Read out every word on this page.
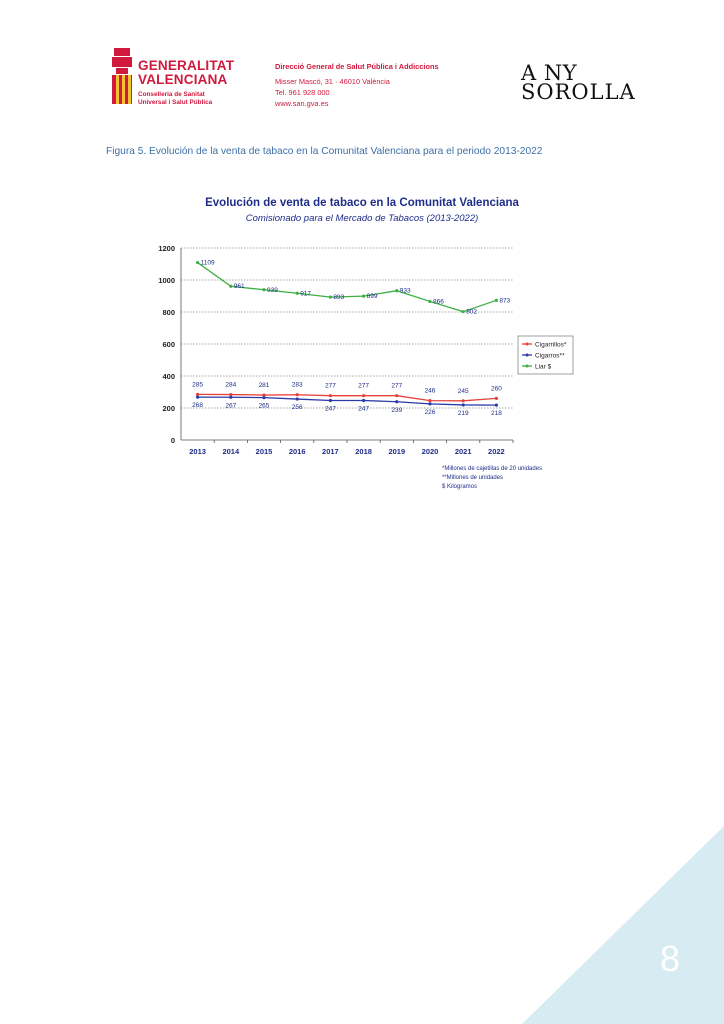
GENERALITAT
VALENCIANA
Conselleria de Sanitat
Universal i Salut Pública
Direcció General de Salut Pública i Addiccions
Misser Mascó, 31 · 46010 València
Tel. 961 928 000
www.san.gva.es
A NY
SOROLLA
Figura 5. Evolución de la venta de tabaco en la Comunitat Valenciana para el periodo 2013-2022
Evolución de venta de tabaco en la Comunitat Valenciana
Comisionado para el Mercado de Tabacos (2013-2022)
0
200
400
600
800
1000
1200
2013 2014 2015 2016 2017 2018 2019 2020 2021 2022
285	284	281	283	277	277	277
246	245	260
268	267	265	256	247	247	239	226	219	218
1109
961
939
917
893	899
933
866
802
873
Cigarrillos*
Cigarros**
Liar $
*Millones de cajetillas de 20 unidades
**Millones de unidades
$ Kilogramos
8
